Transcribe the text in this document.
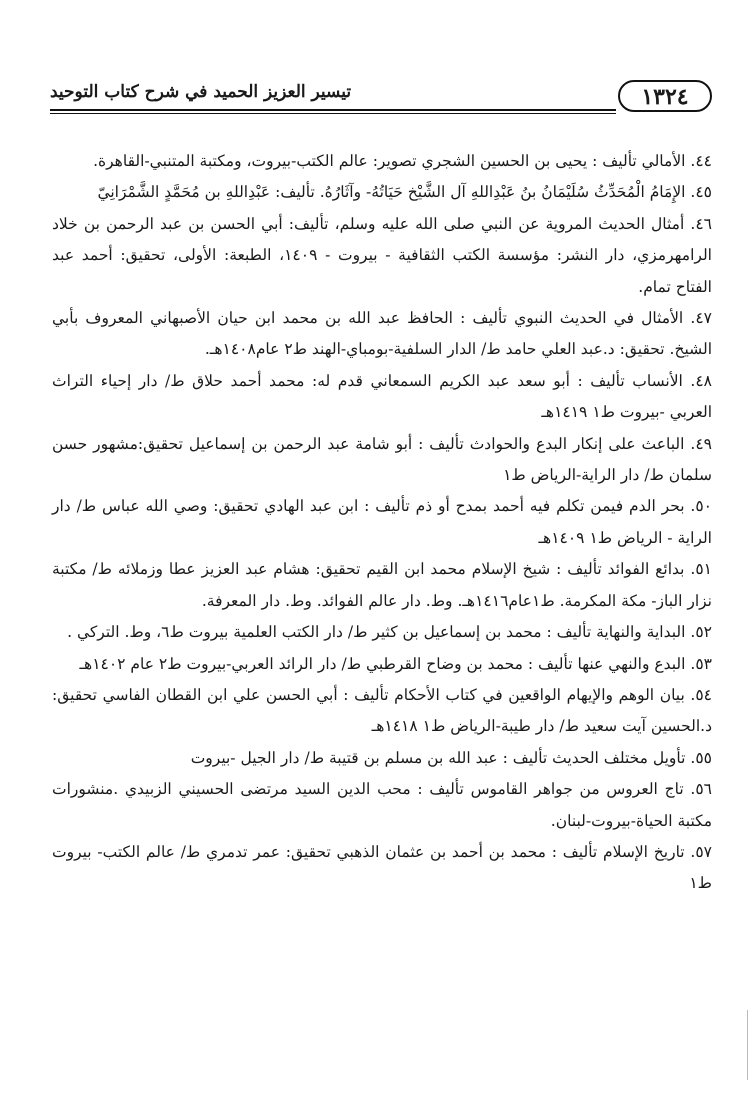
١٣٢٤
تيسير العزيز الحميد في شرح كتاب التوحيد
٤٤. الأمالي تأليف : يحيى بن الحسين الشجري تصوير: عالم الكتب-بيروت، ومكتبة المتنبي-القاهرة.
٤٥. الإِمَامُ الْمُحَدِّثُ سُلَيْمَانُ بنُ عَبْدِاللهِ آل الشَّيْخ حَيَاتُهُ- وآثَارُهُ. تأليف: عَبْدِاللهِ بن مُحَمَّدٍ الشَّمْرَانِيّ
٤٦. أمثال الحديث المروية عن النبي صلى الله عليه وسلم، تأليف: أبي الحسن بن عبد الرحمن بن خلاد الرامهرمزي، دار النشر: مؤسسة الكتب الثقافية - بيروت - ١٤٠٩، الطبعة: الأولى، تحقيق: أحمد عبد الفتاح تمام.
٤٧. الأمثال في الحديث النبوي تأليف : الحافظ عبد الله بن محمد ابن حيان الأصبهاني المعروف بأبي الشيخ. تحقيق: د.عبد العلي حامد ط/ الدار السلفية-بومباي-الهند ط٢ عام١٤٠٨هـ.
٤٨. الأنساب تأليف : أبو سعد عبد الكريم السمعاني قدم له: محمد أحمد حلاق ط/ دار إحياء التراث العربي -بيروت ط١ ١٤١٩هـ
٤٩. الباعث على إنكار البدع والحوادث تأليف : أبو شامة عبد الرحمن بن إسماعيل تحقيق:مشهور حسن سلمان ط/ دار الراية-الرياض ط١
٥٠. بحر الدم فيمن تكلم فيه أحمد بمدح أو ذم تأليف : ابن عبد الهادي تحقيق: وصي الله عباس ط/ دار الراية - الرياض ط١ ١٤٠٩هـ
٥١. بدائع الفوائد تأليف : شيخ الإسلام محمد ابن القيم تحقيق: هشام عبد العزيز عطا وزملائه ط/ مكتبة نزار الباز- مكة المكرمة. ط١عام١٤١٦هـ. وط. دار عالم الفوائد. وط. دار المعرفة.
٥٢. البداية والنهاية تأليف : محمد بن إسماعيل بن كثير ط/ دار الكتب العلمية بيروت ط٦، وط. التركي .
٥٣. البدع والنهي عنها تأليف : محمد بن وضاح القرطبي ط/ دار الرائد العربي-بيروت ط٢ عام ١٤٠٢هـ
٥٤. بيان الوهم والإيهام الواقعين في كتاب الأحكام تأليف : أبي الحسن علي ابن القطان الفاسي تحقيق: د.الحسين آيت سعيد ط/ دار طيبة-الرياض ط١ ١٤١٨هـ
٥٥. تأويل مختلف الحديث تأليف : عبد الله بن مسلم بن قتيبة ط/ دار الجيل -بيروت
٥٦. تاج العروس من جواهر القاموس تأليف : محب الدين السيد مرتضى الحسيني الزبيدي .منشورات مكتبة الحياة-بيروت-لبنان.
٥٧. تاريخ الإسلام تأليف : محمد بن أحمد بن عثمان الذهبي تحقيق: عمر تدمري ط/ عالم الكتب- بيروت ط١
